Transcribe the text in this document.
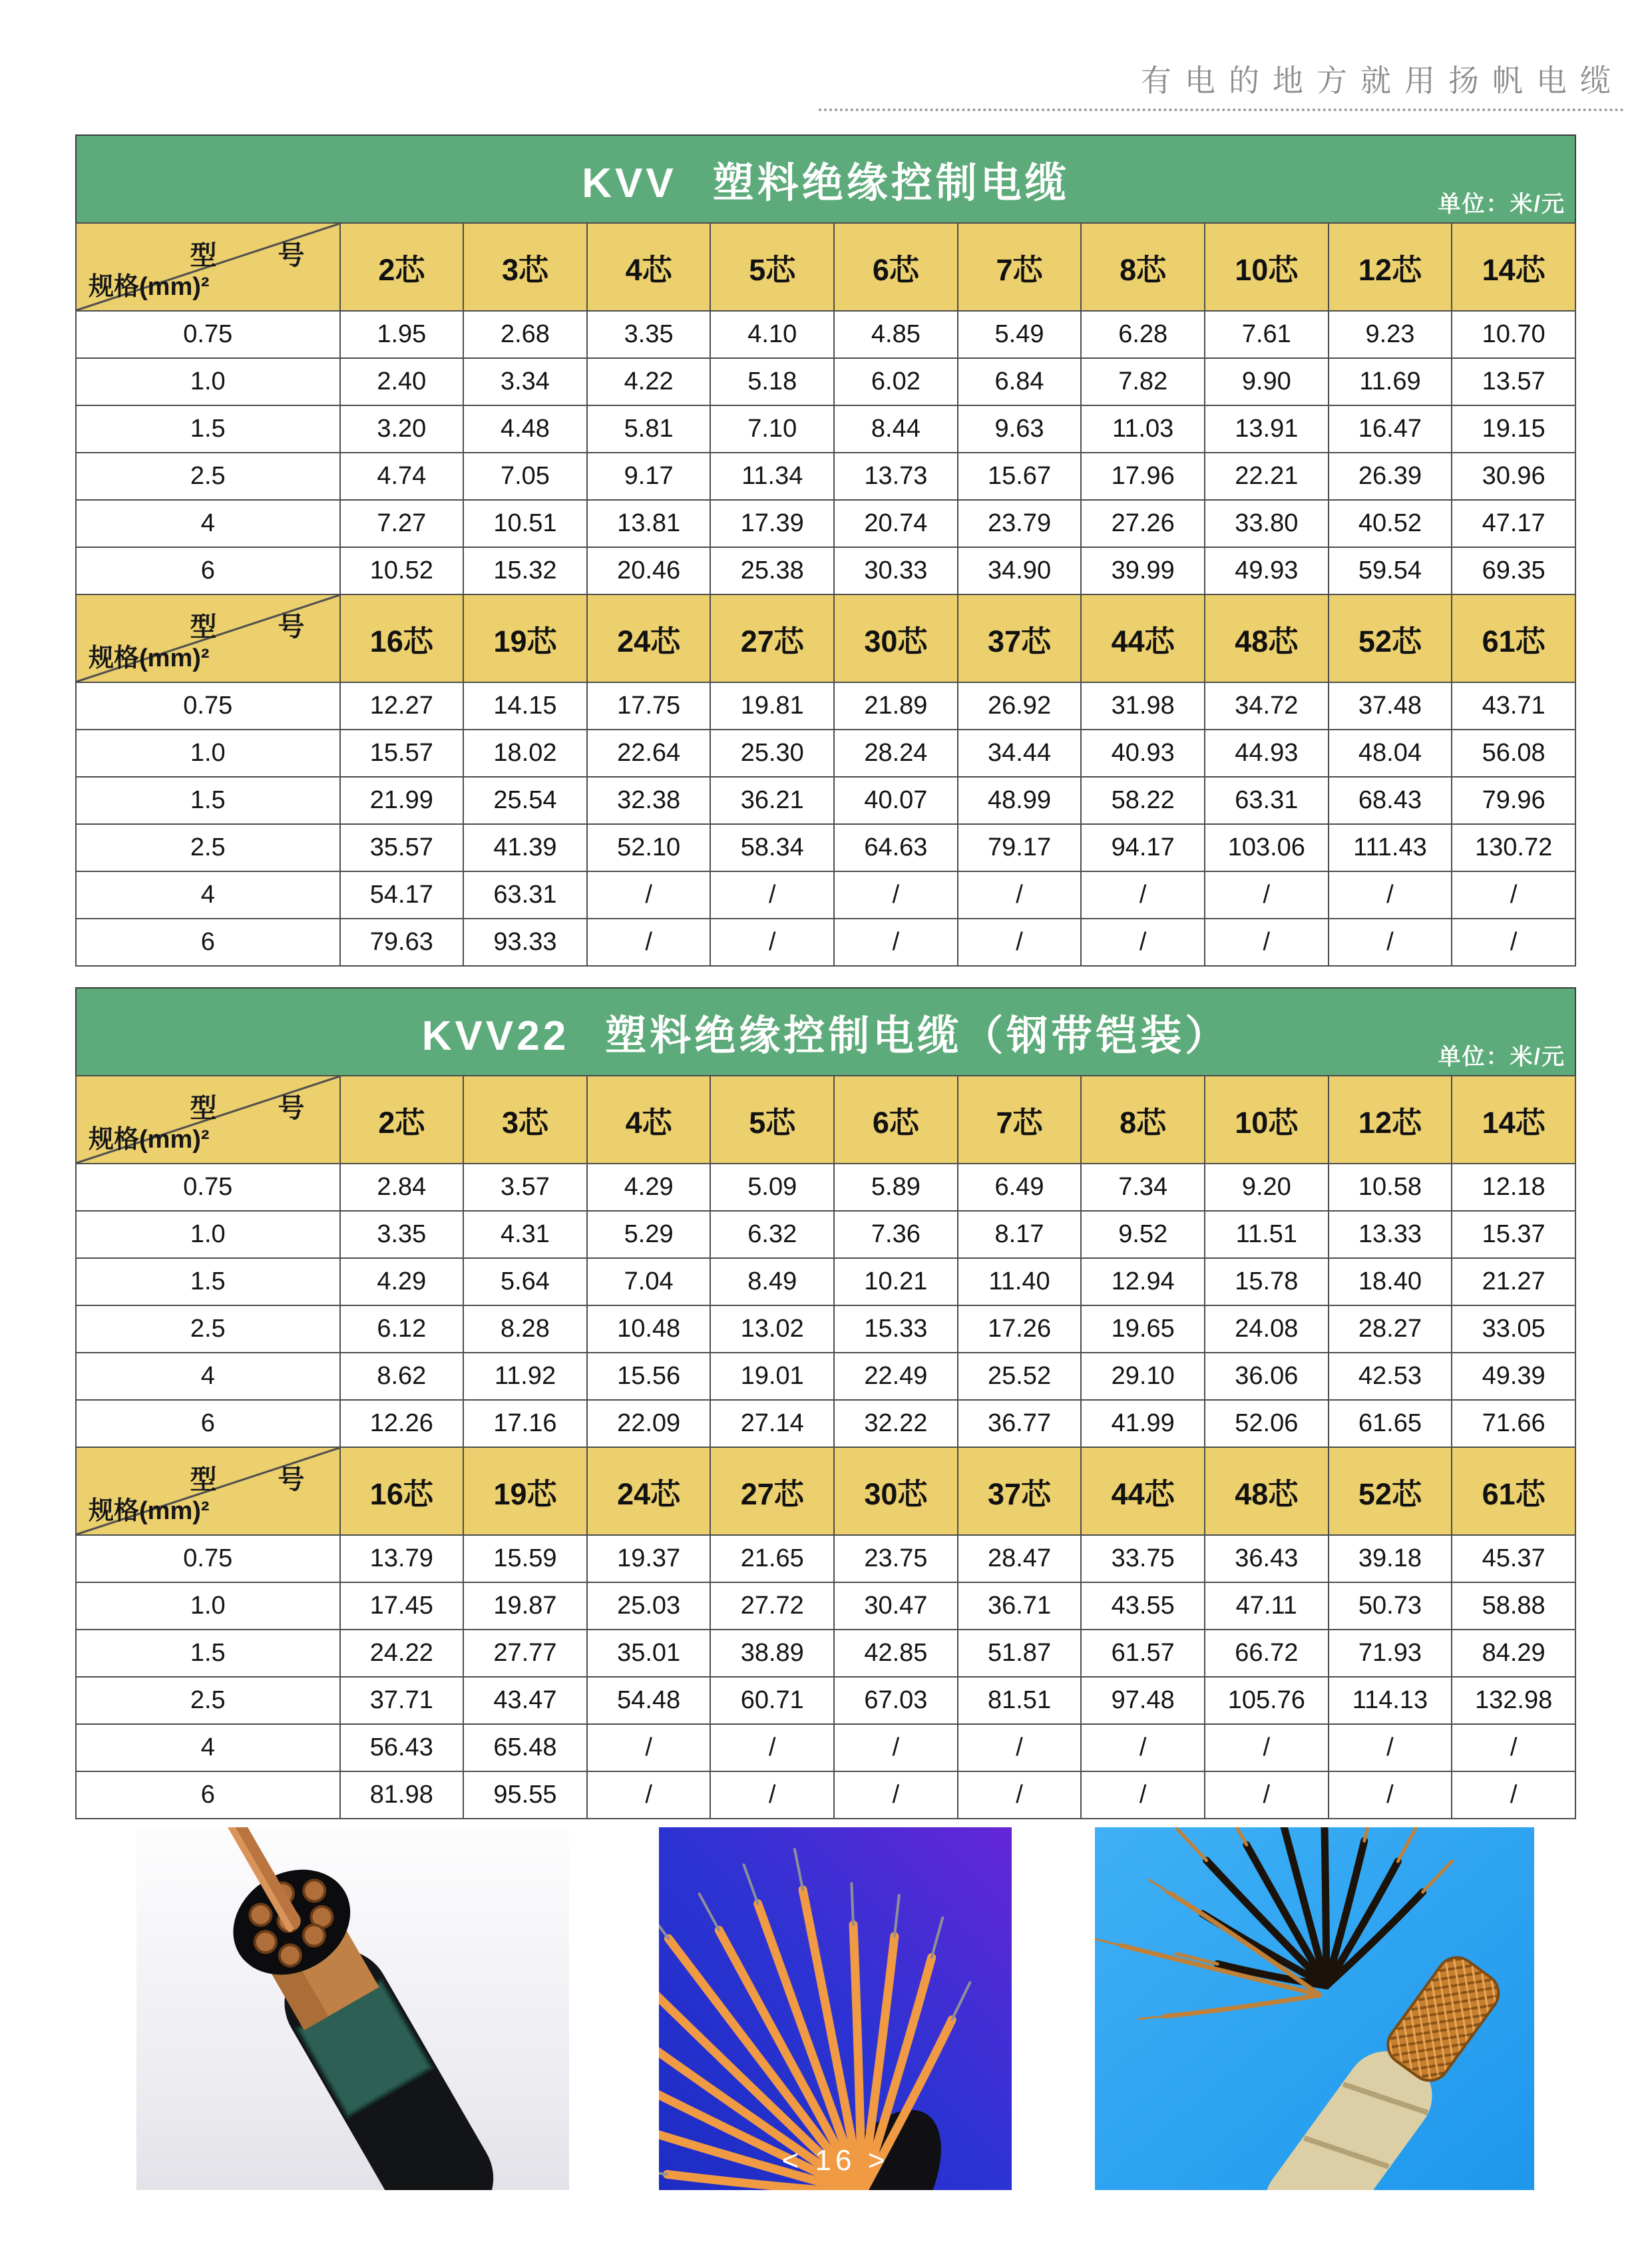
有电的地方就用扬帆电缆
KVV 塑料绝缘控制电缆	单位：米/元
型　号
规格(mm)²	2芯	3芯	4芯	5芯	6芯	7芯	8芯	10芯	12芯	14芯
0.75	1.95	2.68	3.35	4.10	4.85	5.49	6.28	7.61	9.23	10.70
1.0	2.40	3.34	4.22	5.18	6.02	6.84	7.82	9.90	11.69	13.57
1.5	3.20	4.48	5.81	7.10	8.44	9.63	11.03	13.91	16.47	19.15
2.5	4.74	7.05	9.17	11.34	13.73	15.67	17.96	22.21	26.39	30.96
4	7.27	10.51	13.81	17.39	20.74	23.79	27.26	33.80	40.52	47.17
6	10.52	15.32	20.46	25.38	30.33	34.90	39.99	49.93	59.54	69.35

型　号
规格(mm)²	16芯	19芯	24芯	27芯	30芯	37芯	44芯	48芯	52芯	61芯
0.75	12.27	14.15	17.75	19.81	21.89	26.92	31.98	34.72	37.48	43.71
1.0	15.57	18.02	22.64	25.30	28.24	34.44	40.93	44.93	48.04	56.08
1.5	21.99	25.54	32.38	36.21	40.07	48.99	58.22	63.31	68.43	79.96
2.5	35.57	41.39	52.10	58.34	64.63	79.17	94.17	103.06	111.43	130.72
4	54.17	63.31	/	/	/	/	/	/	/	/
6	79.63	93.33	/	/	/	/	/	/	/	/
KVV22 塑料绝缘控制电缆（钢带铠装）	单位：米/元
型　号
规格(mm)²	2芯	3芯	4芯	5芯	6芯	7芯	8芯	10芯	12芯	14芯
0.75	2.84	3.57	4.29	5.09	5.89	6.49	7.34	9.20	10.58	12.18
1.0	3.35	4.31	5.29	6.32	7.36	8.17	9.52	11.51	13.33	15.37
1.5	4.29	5.64	7.04	8.49	10.21	11.40	12.94	15.78	18.40	21.27
2.5	6.12	8.28	10.48	13.02	15.33	17.26	19.65	24.08	28.27	33.05
4	8.62	11.92	15.56	19.01	22.49	25.52	29.10	36.06	42.53	49.39
6	12.26	17.16	22.09	27.14	32.22	36.77	41.99	52.06	61.65	71.66

型　号
规格(mm)²	16芯	19芯	24芯	27芯	30芯	37芯	44芯	48芯	52芯	61芯
0.75	13.79	15.59	19.37	21.65	23.75	28.47	33.75	36.43	39.18	45.37
1.0	17.45	19.87	25.03	27.72	30.47	36.71	43.55	47.11	50.73	58.88
1.5	24.22	27.77	35.01	38.89	42.85	51.87	61.57	66.72	71.93	84.29
2.5	37.71	43.47	54.48	60.71	67.03	81.51	97.48	105.76	114.13	132.98
4	56.43	65.48	/	/	/	/	/	/	/	/
6	81.98	95.55	/	/	/	/	/	/	/	/
< 16 >
